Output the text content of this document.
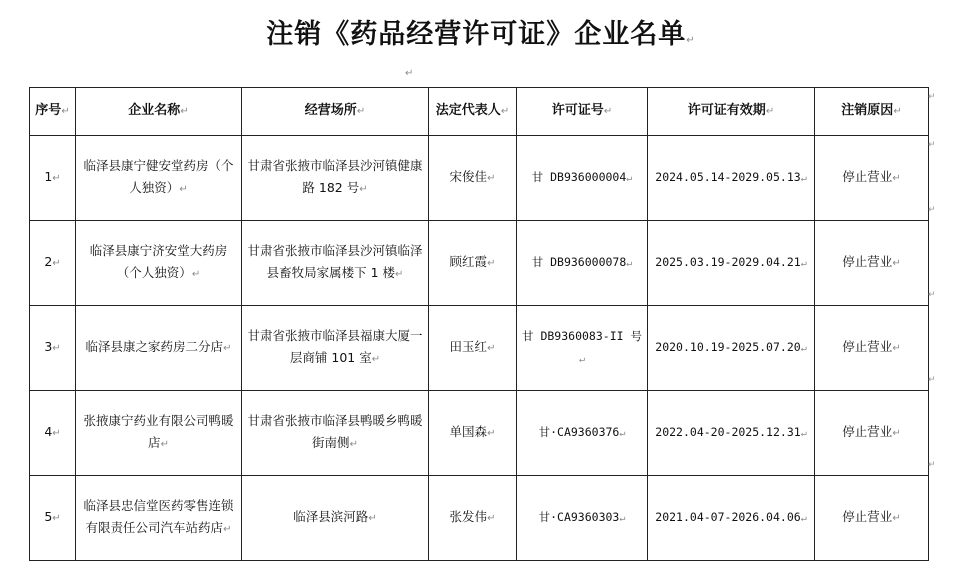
注销《药品经营许可证》企业名单↵
↵
序号↵	企业名称↵	经营场所↵	法定代表人↵	许可证号↵	许可证有效期↵	注销原因↵
1↵	临泽县康宁健安堂药房（个人独资）↵	甘肃省张掖市临泽县沙河镇健康路 182 号↵	宋俊佳↵	甘 DB936000004↵	2024.05.14-2029.05.13↵	停止营业↵
2↵	临泽县康宁济安堂大药房（个人独资）↵	甘肃省张掖市临泽县沙河镇临泽县畜牧局家属楼下 1 楼↵	顾红霞↵	甘 DB936000078↵	2025.03.19-2029.04.21↵	停止营业↵
3↵	临泽县康之家药房二分店↵	甘肃省张掖市临泽县福康大厦一层商铺 101 室↵	田玉红↵	甘 DB9360083-II 号↵	2020.10.19-2025.07.20↵	停止营业↵
4↵	张掖康宁药业有限公司鸭暖店↵	甘肃省张掖市临泽县鸭暖乡鸭暖街南侧↵	单国森↵	甘·CA9360376↵	2022.04-20-2025.12.31↵	停止营业↵
5↵	临泽县忠信堂医药零售连锁有限责任公司汽车站药店↵	临泽县滨河路↵	张发伟↵	甘·CA9360303↵	2021.04-07-2026.04.06↵	停止营业↵
↵
↵
↵
↵
↵
↵
